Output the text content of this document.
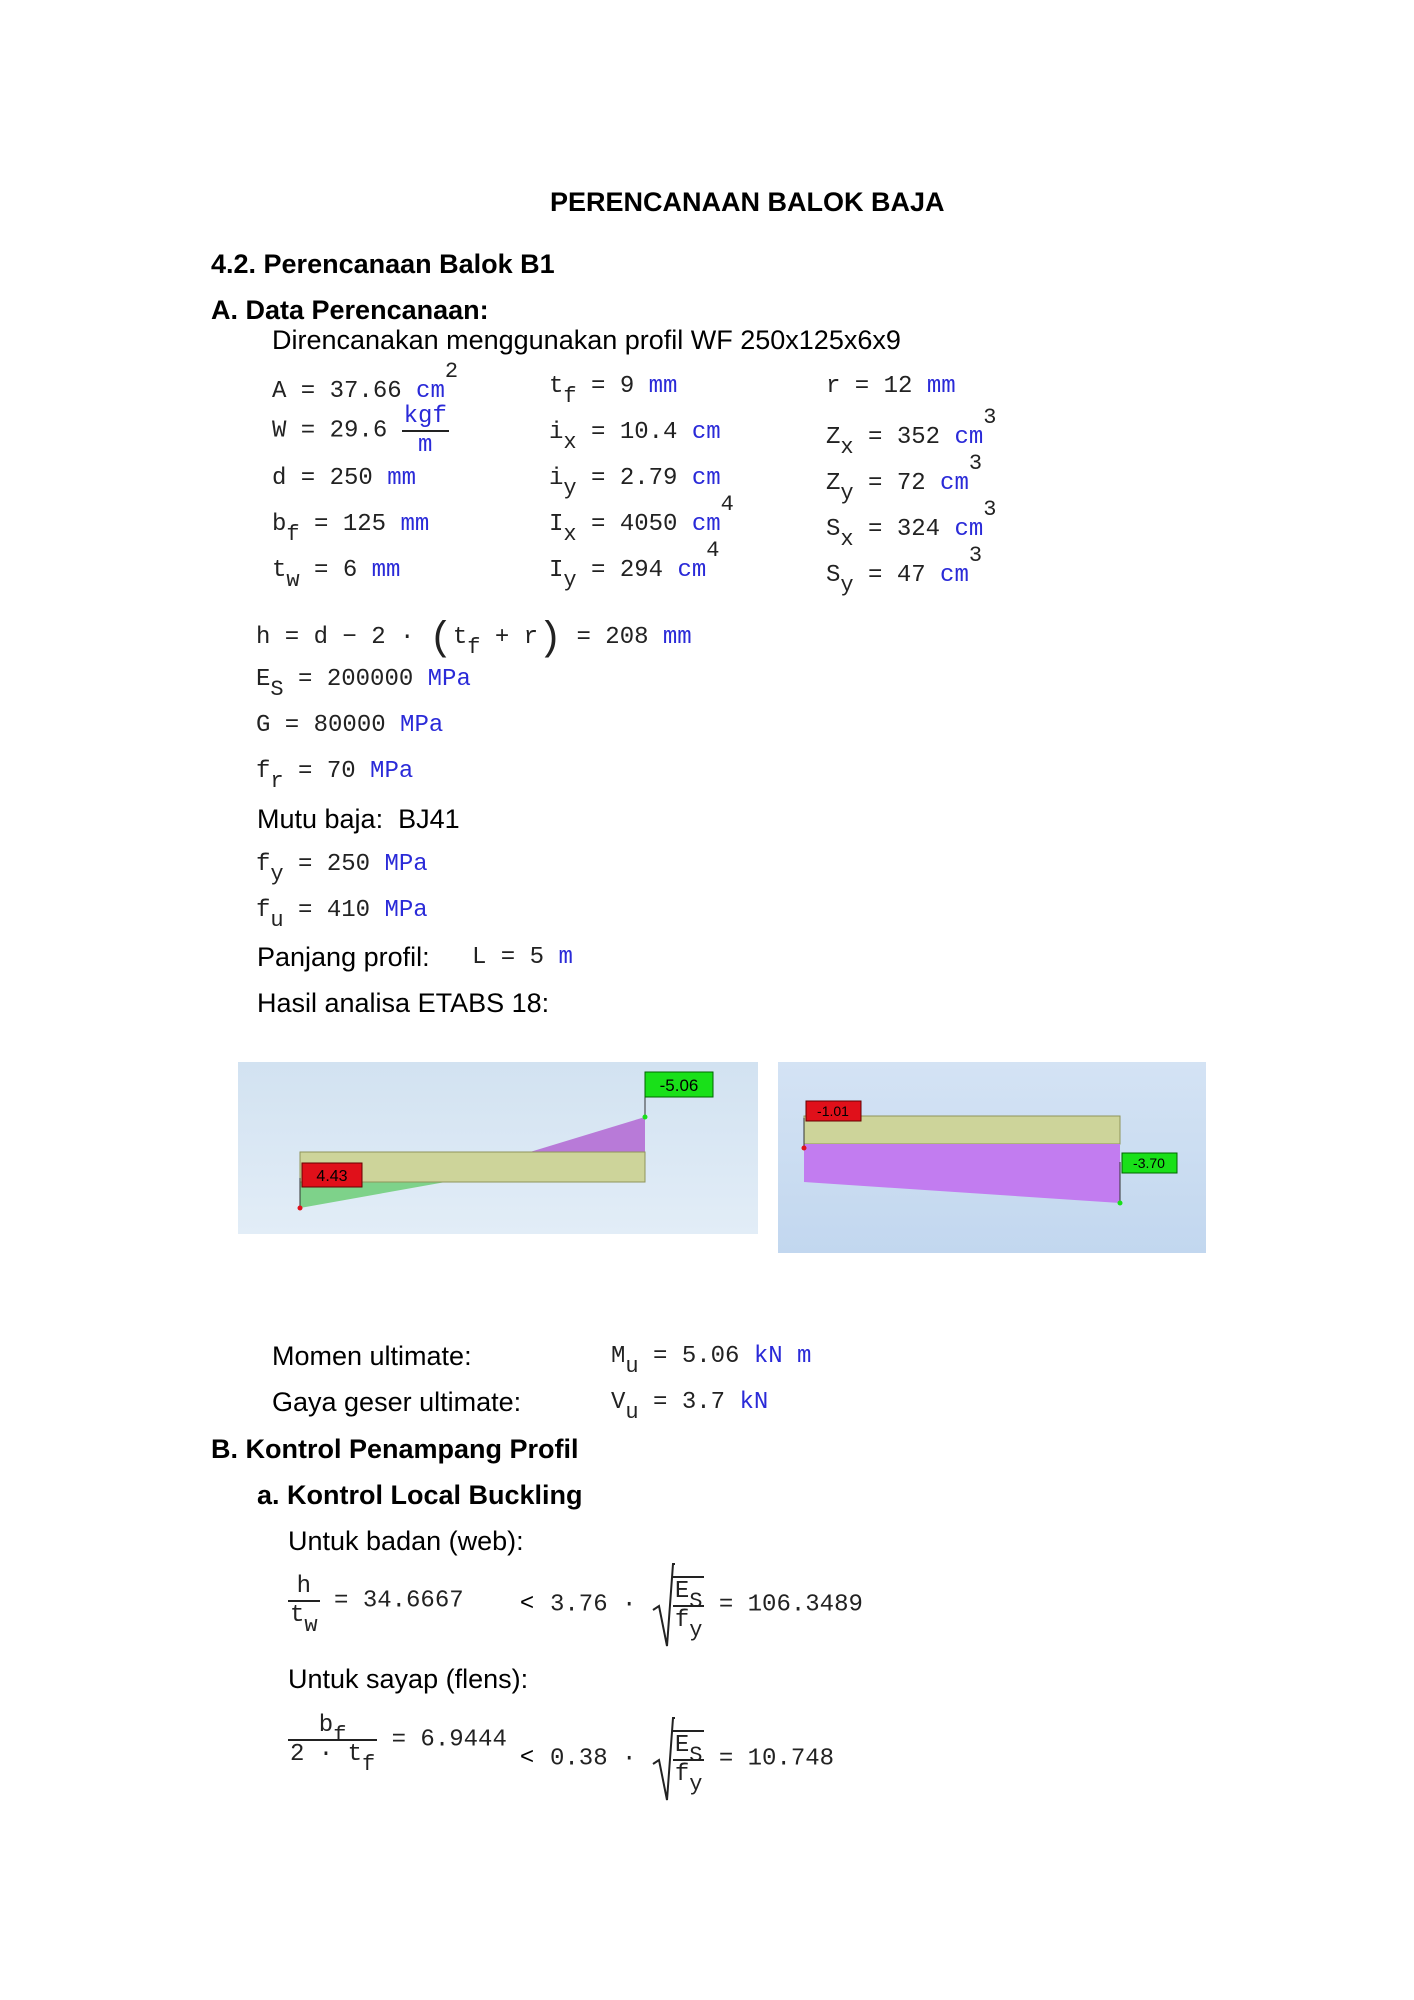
PERENCANAAN BALOK BAJA
4.2. Perencanaan Balok B1
A. Data Perencanaan:
Direncanakan menggunakan profil WF 250x125x6x9
A = 37.66 cm2
$W = 29.6 \frac{\text{kgf}}{m}$
d = 250 mm
bf = 125 mm
tw = 6 mm
tf = 9 mm
ix = 10.4 cm
iy = 2.79 cm
Ix = 4050 cm4
Iy = 294 cm4
r = 12 mm
Zx = 352 cm3
Zy = 72 cm3
Sx = 324 cm3
Sy = 47 cm3
h = d − 2 · (tf + r) = 208 mm
ES = 200000 MPa
G = 80000 MPa
fr = 70 MPa
Mutu baja: BJ41
fy = 250 MPa
fu = 410 MPa
Panjang profil: L = 5 m
Hasil analisa ETABS 18:
4.43
-5.06
-1.01
-3.70
Momen ultimate:	Mu = 5.06 kN m
Gaya geser ultimate:	Vu = 3.7 kN
B. Kontrol Penampang Profil
a. Kontrol Local Buckling
Untuk badan (web):
$\frac{h}{tw} = 34.6667 < 3.76 \cdot \frac{ES}{fy} = 106.3489$
Untuk sayap (flens):
$\frac{bf}{2 \cdot tf} = 6.9444$
< $0.38 \cdot \frac{ES}{fy} = 10.748$
